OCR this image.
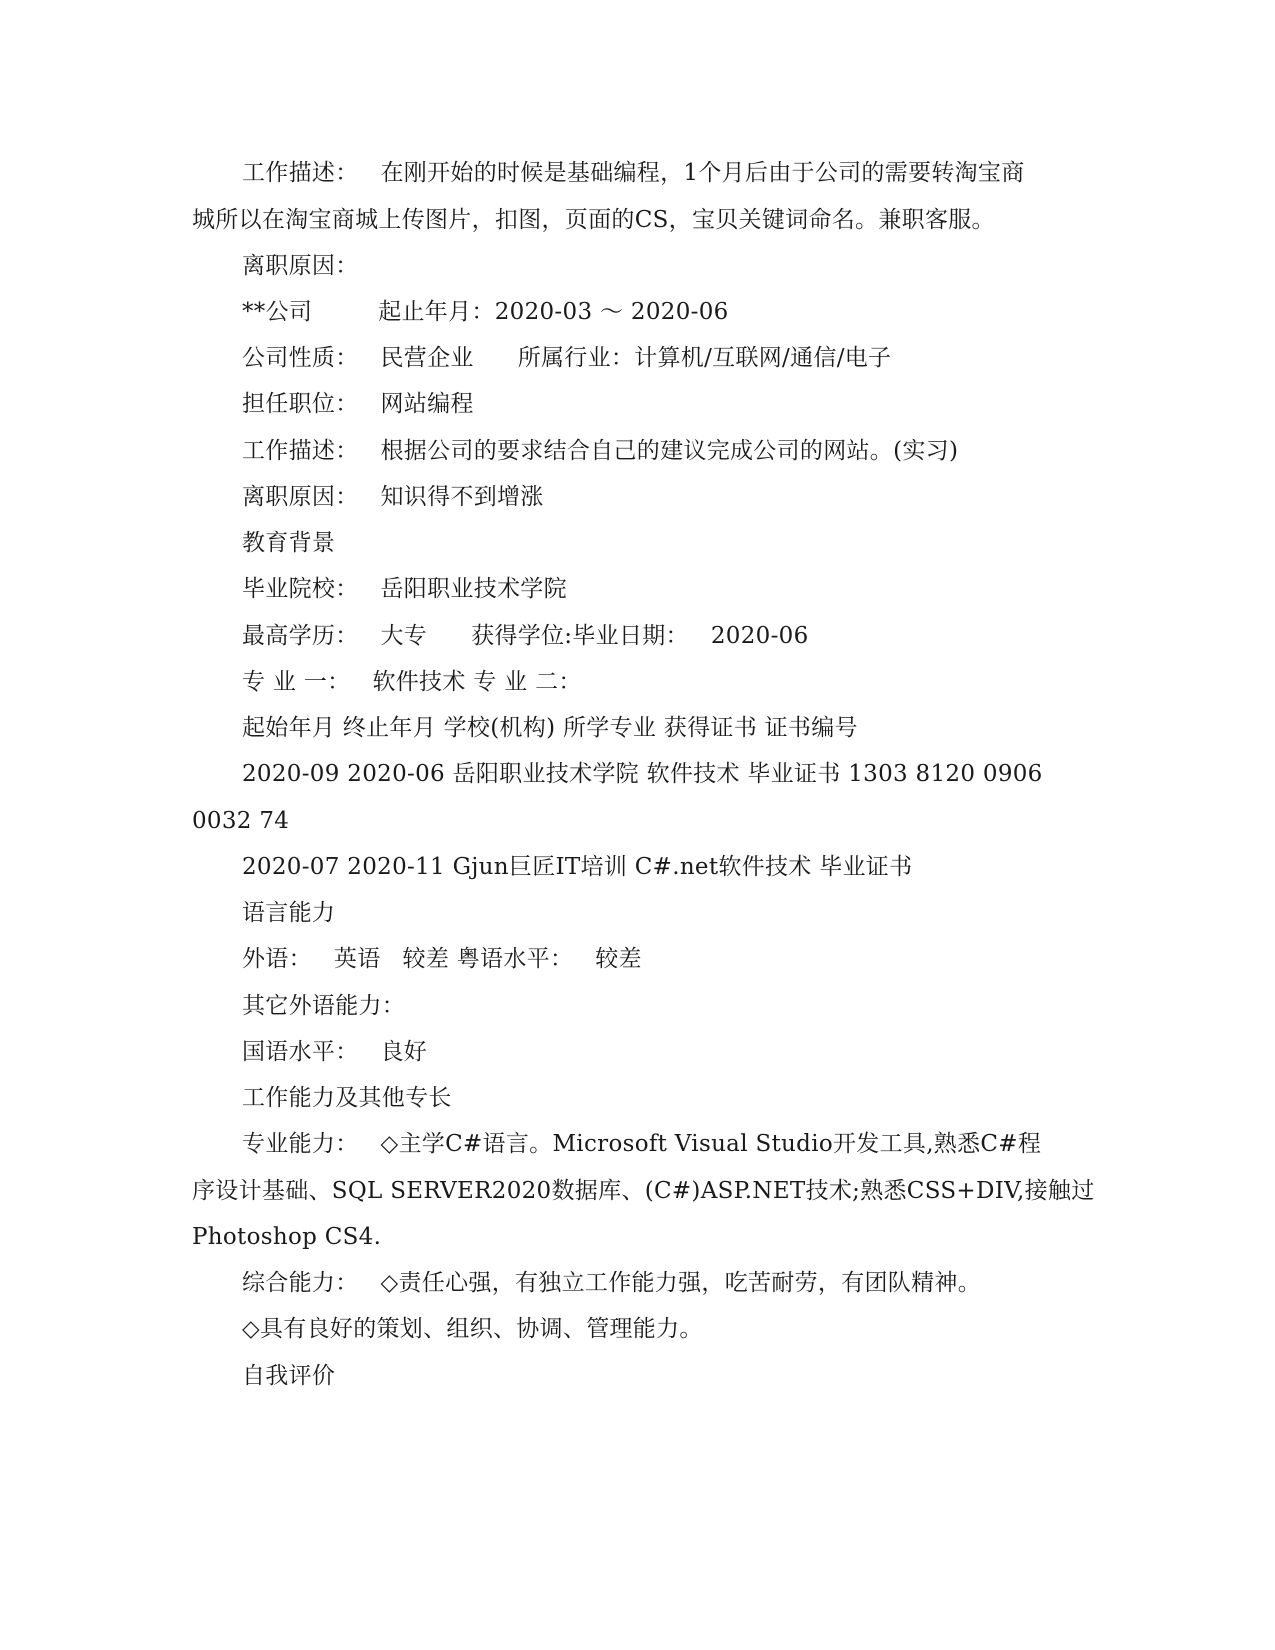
工作描述： 在刚开始的时候是基础编程，1个月后由于公司的需要转淘宝商
城所以在淘宝商城上传图片，扣图，页面的CS，宝贝关键词命名。兼职客服。
离职原因：
**公司	起止年月：2020-03 ～ 2020-06
公司性质： 民营企业 所属行业：计算机/互联网/通信/电子
担任职位： 网站编程
工作描述： 根据公司的要求结合自己的建议完成公司的网站。(实习)
离职原因： 知识得不到增涨
教育背景
毕业院校： 岳阳职业技术学院
最高学历： 大专 获得学位:毕业日期： 2020-06
专 业 一： 软件技术 专 业 二：
起始年月 终止年月 学校(机构) 所学专业 获得证书 证书编号
2020-09 2020-06 岳阳职业技术学院 软件技术 毕业证书 1303 8120 0906
0032 74
2020-07 2020-11 Gjun巨匠IT培训 C#.net软件技术 毕业证书
语言能力
外语： 英语 较差 粤语水平： 较差
其它外语能力：
国语水平： 良好
工作能力及其他专长
专业能力： ◇主学C#语言。Microsoft Visual Studio开发工具,熟悉C#程
序设计基础、SQL SERVER2020数据库、(C#)ASP.NET技术;熟悉CSS+DIV,接触过
Photoshop CS4.
综合能力： ◇责任心强，有独立工作能力强，吃苦耐劳，有团队精神。
◇具有良好的策划、组织、协调、管理能力。
自我评价
